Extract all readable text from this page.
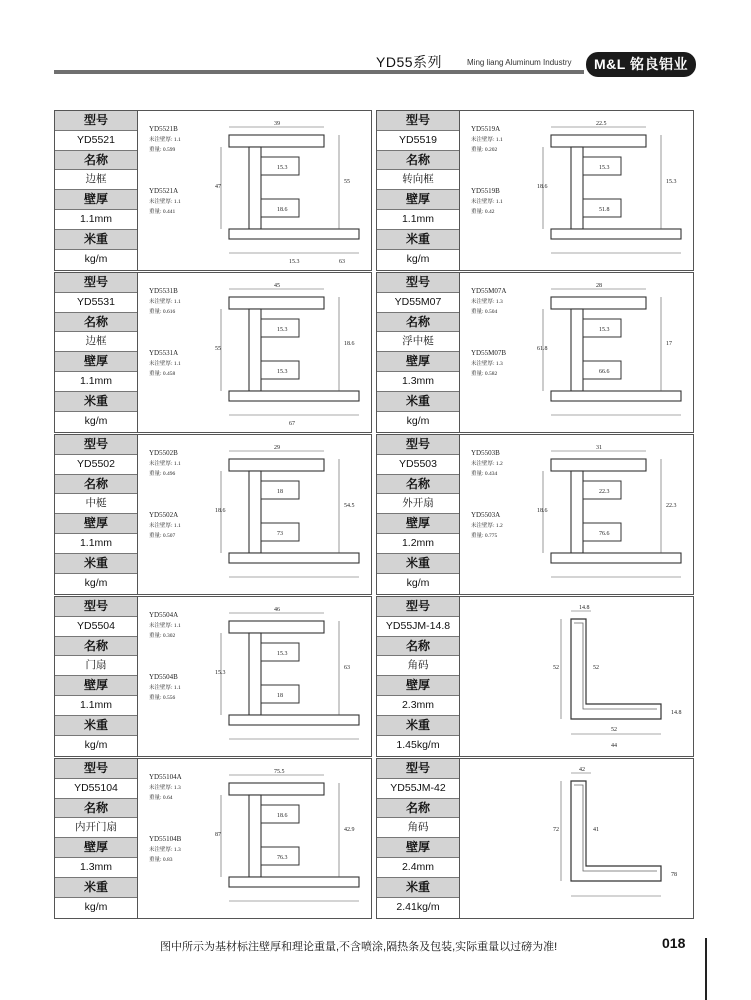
YD55系列	Ming liang Aluminum Industry	M&L 铭良铝业
型号
YD5521
名称
边框
壁厚
1.1mm
米重
kg/m
YD5521B
未注壁厚: 1.1
重量: 0.599
YD5521A
未注壁厚: 1.1
重量: 0.441
39
15.3
47
55
18.6
15.3	63
型号
YD5519
名称
转向框
壁厚
1.1mm
米重
kg/m
YD5519A
未注壁厚: 1.1
重量: 0.202
YD5519B
未注壁厚: 1.1
重量: 0.42
22.5
15.3
18.6
15.3
51.8
型号
YD5531
名称
边框
壁厚
1.1mm
米重
kg/m
YD5531B
未注壁厚: 1.1
重量: 0.616
YD5531A
未注壁厚: 1.1
重量: 0.458
45
15.3
55
18.6
15.3
67
型号
YD55M07
名称
浮中梃
壁厚
1.3mm
米重
kg/m
YD55M07A
未注壁厚: 1.3
重量: 0.504
YD55M07B
未注壁厚: 1.3
重量: 0.582
28
15.3
61.8
17
66.6
型号
YD5502
名称
中梃
壁厚
1.1mm
米重
kg/m
YD5502B
未注壁厚: 1.1
重量: 0.496
YD5502A
未注壁厚: 1.1
重量: 0.507
29
18
18.6
54.5
73
型号
YD5503
名称
外开扇
壁厚
1.2mm
米重
kg/m
YD5503B
未注壁厚: 1.2
重量: 0.434
YD5503A
未注壁厚: 1.2
重量: 0.775
31
22.3
18.6
22.3
76.6
型号
YD5504
名称
门扇
壁厚
1.1mm
米重
kg/m
YD5504A
未注壁厚: 1.1
重量: 0.302
YD5504B
未注壁厚: 1.1
重量: 0.556
46
15.3
15.3
63
18
型号
YD55JM-14.8
名称
角码
壁厚
2.3mm
米重
1.45kg/m
14.8
52	52
14.8
52
44
型号
YD55104
名称
内开门扇
壁厚
1.3mm
米重
kg/m
YD55104A
未注壁厚: 1.3
重量: 0.64
YD55104B
未注壁厚: 1.3
重量: 0.83
75.5
18.6
87
42.9
76.3
型号
YD55JM-42
名称
角码
壁厚
2.4mm
米重
2.41kg/m
42
72	41
78
图中所示为基材标注壁厚和理论重量,不含喷涂,隔热条及包装,实际重量以过磅为准!	018
